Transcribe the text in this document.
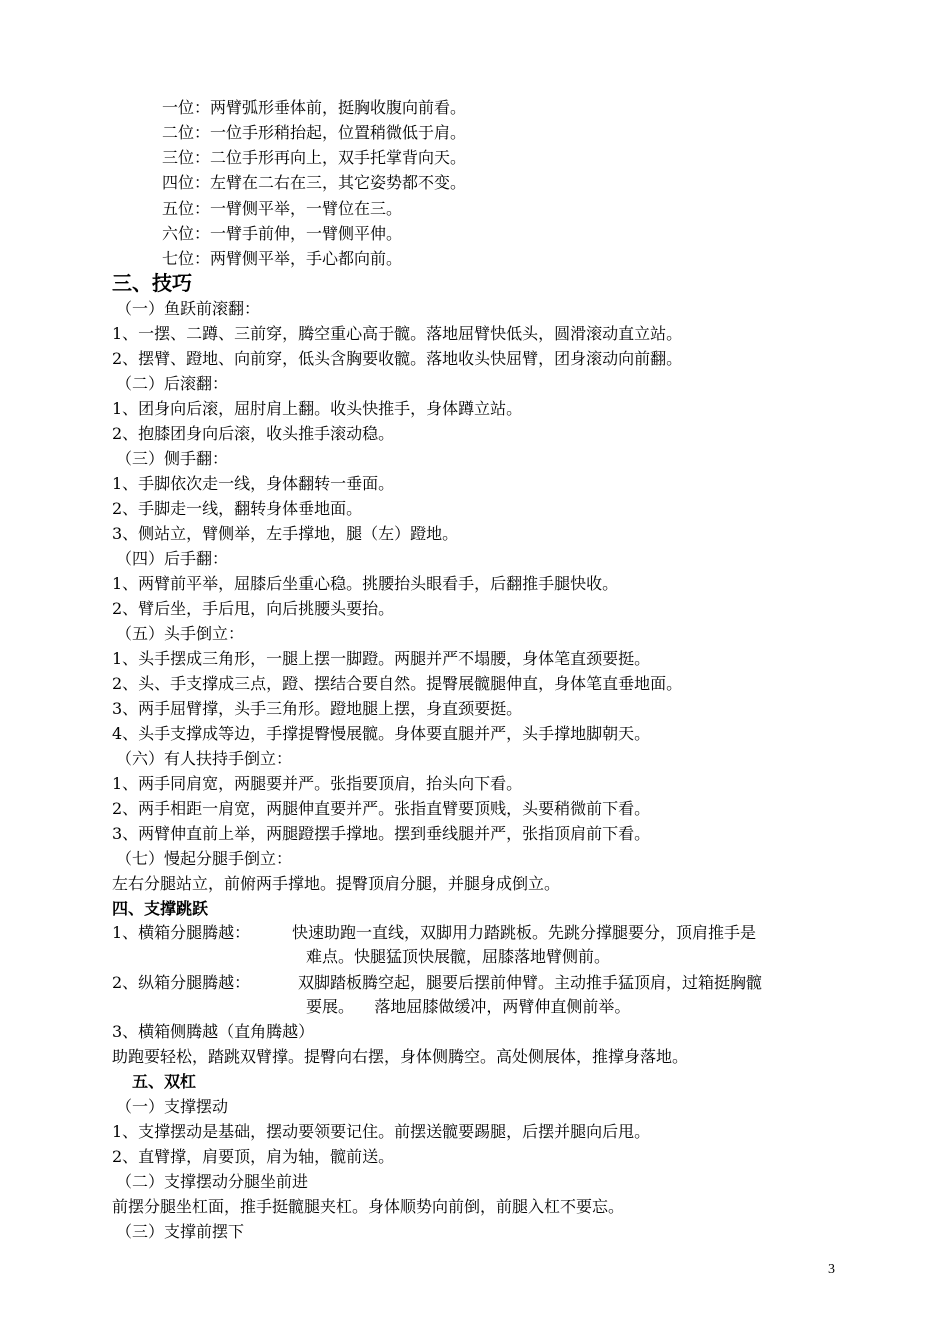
一位：两臂弧形垂体前，挺胸收腹向前看。
二位：一位手形稍抬起，位置稍微低于肩。
三位：二位手形再向上，双手托掌背向天。
四位：左臂在二右在三，其它姿势都不变。
五位：一臂侧平举，一臂位在三。
六位：一臂手前伸，一臂侧平伸。
七位：两臂侧平举，手心都向前。
三、技巧
（一）鱼跃前滚翻：
1、一摆、二蹲、三前穿，腾空重心高于髋。落地屈臂快低头，圆滑滚动直立站。
2、摆臂、蹬地、向前穿，低头含胸要收髋。落地收头快屈臂，团身滚动向前翻。
（二）后滚翻：
1、团身向后滚，屈肘肩上翻。收头快推手，身体蹲立站。
2、抱膝团身向后滚，收头推手滚动稳。
（三）侧手翻：
1、手脚依次走一线，身体翻转一垂面。
2、手脚走一线，翻转身体垂地面。
3、侧站立，臂侧举，左手撑地，腿（左）蹬地。
（四）后手翻：
1、两臂前平举，屈膝后坐重心稳。挑腰抬头眼看手，后翻推手腿快收。
2、臂后坐，手后甩，向后挑腰头要抬。
（五）头手倒立：
1、头手摆成三角形，一腿上摆一脚蹬。两腿并严不塌腰，身体笔直颈要挺。
2、头、手支撑成三点，蹬、摆结合要自然。提臀展髋腿伸直，身体笔直垂地面。
3、两手屈臂撑，头手三角形。蹬地腿上摆，身直颈要挺。
4、头手支撑成等边，手撑提臀慢展髋。身体要直腿并严，头手撑地脚朝天。
（六）有人扶持手倒立：
1、两手同肩宽，两腿要并严。张指要顶肩，抬头向下看。
2、两手相距一肩宽，两腿伸直要并严。张指直臂要顶贱，头要稍微前下看。
3、两臂伸直前上举，两腿蹬摆手撑地。摆到垂线腿并严，张指顶肩前下看。
（七）慢起分腿手倒立：
左右分腿站立，前俯两手撑地。提臀顶肩分腿，并腿身成倒立。
四、支撑跳跃
1、横箱分腿腾越：	快速助跑一直线，双脚用力踏跳板。先跳分撑腿要分，顶肩推手是
难点。快腿猛顶快展髋，屈膝落地臂侧前。
2、纵箱分腿腾越：	双脚踏板腾空起，腿要后摆前伸臂。主动推手猛顶肩，过箱挺胸髋
要展。    落地屈膝做缓冲，两臂伸直侧前举。
3、横箱侧腾越（直角腾越）
助跑要轻松，踏跳双臂撑。提臀向右摆，身体侧腾空。高处侧展体，推撑身落地。
五、双杠
（一）支撑摆动
1、支撑摆动是基础，摆动要领要记住。前摆送髋要踢腿，后摆并腿向后甩。
2、直臂撑，肩要顶，肩为轴，髋前送。
（二）支撑摆动分腿坐前进
前摆分腿坐杠面，推手挺髋腿夹杠。身体顺势向前倒，前腿入杠不要忘。
（三）支撑前摆下
3
